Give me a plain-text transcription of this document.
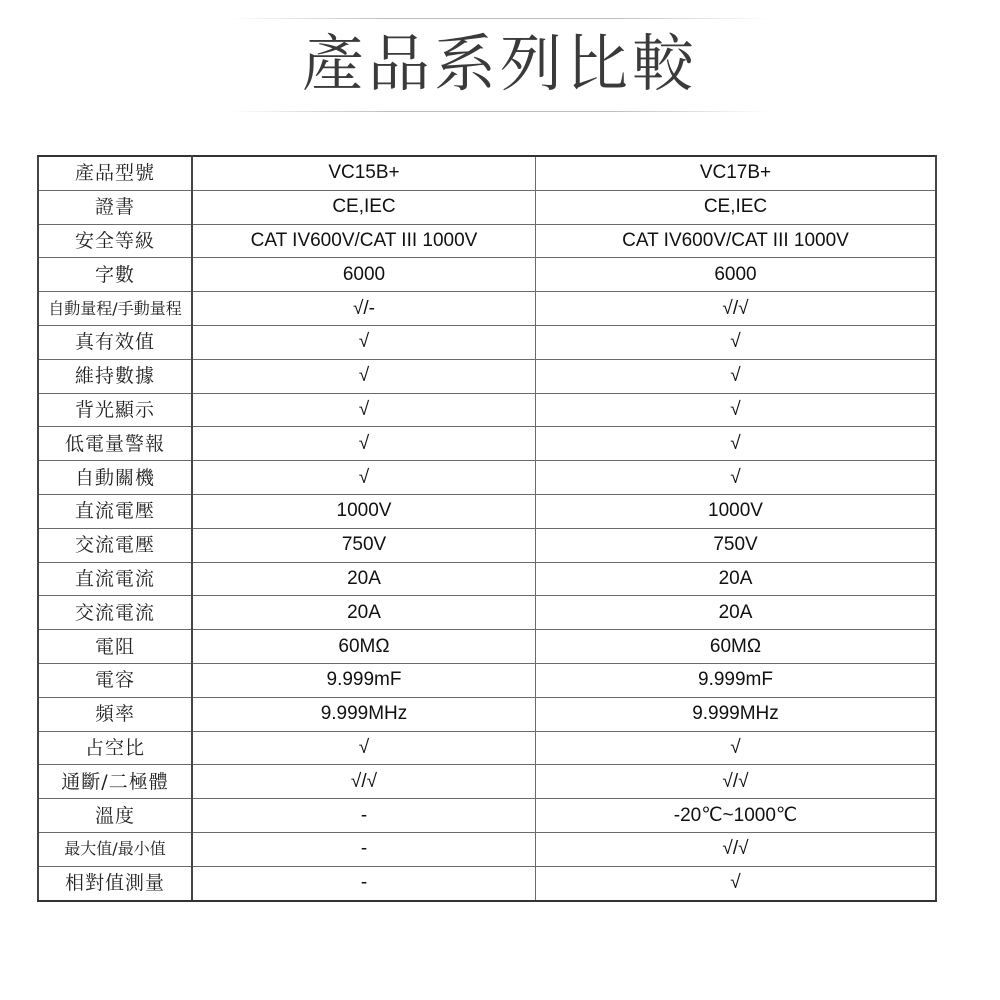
產品系列比較
產品型號	VC15B+	VC17B+
證書	CE,IEC	CE,IEC
安全等級	CAT IV600V/CAT III 1000V	CAT IV600V/CAT III 1000V
字數	6000	6000
自動量程/手動量程	√/-	√/√
真有效值	√	√
維持數據	√	√
背光顯示	√	√
低電量警報	√	√
自動關機	√	√
直流電壓	1000V	1000V
交流電壓	750V	750V
直流電流	20A	20A
交流電流	20A	20A
電阻	60MΩ	60MΩ
電容	9.999mF	9.999mF
頻率	9.999MHz	9.999MHz
占空比	√	√
通斷/二極體	√/√	√/√
溫度	-	-20℃~1000℃
最大值/最小值	-	√/√
相對值測量	-	√
